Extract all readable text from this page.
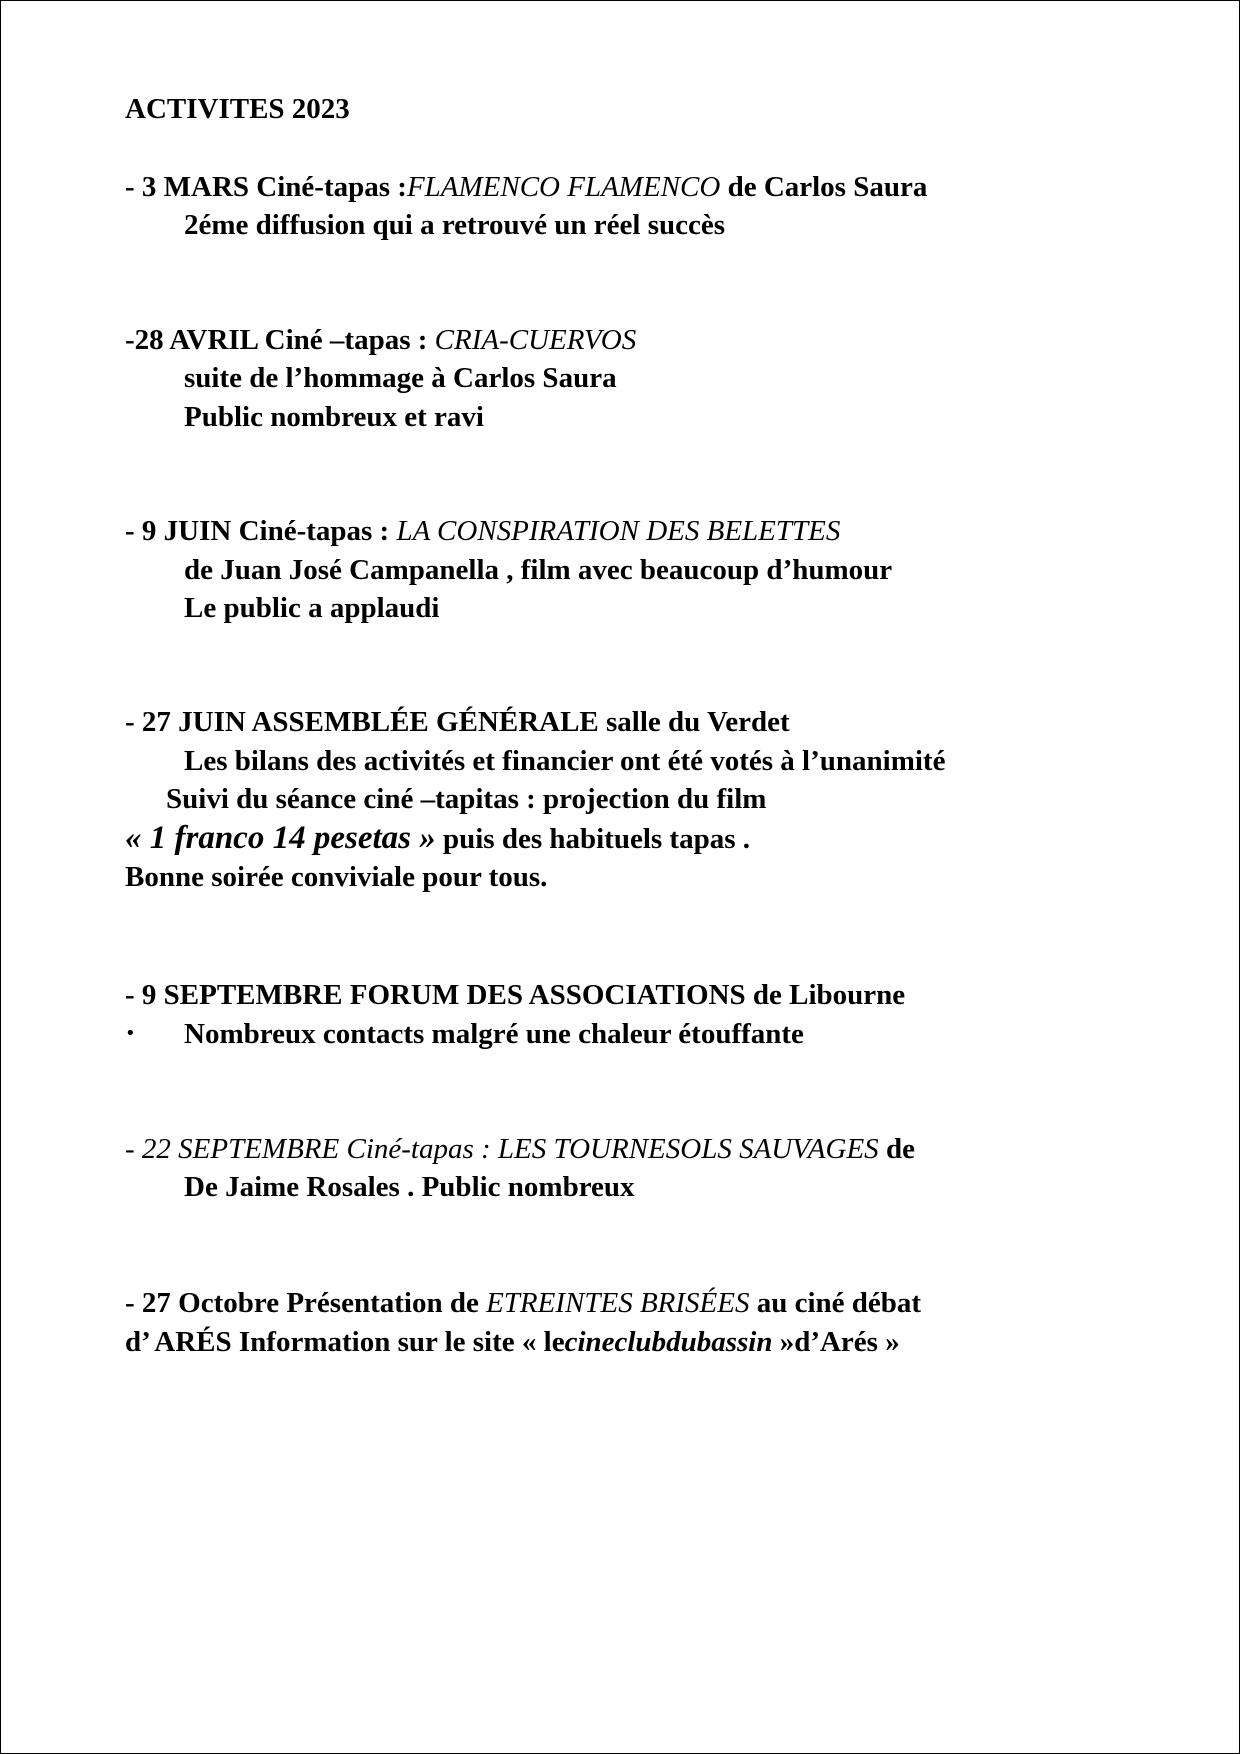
ACTIVITES 2023
- 3 MARS Ciné-tapas :FLAMENCO FLAMENCO de Carlos Saura
2éme diffusion qui a retrouvé un réel succès
-28 AVRIL Ciné –tapas : CRIA-CUERVOS
suite de l’hommage à Carlos Saura
Public nombreux et ravi
- 9 JUIN Ciné-tapas : LA CONSPIRATION DES BELETTES
de Juan José Campanella , film avec beaucoup d’humour
Le public a applaudi
- 27 JUIN ASSEMBLÉE GÉNÉRALE salle du Verdet
Les bilans des activités et financier ont été votés à l’unanimité
Suivi du séance ciné –tapitas : projection du film
« 1 franco 14 pesetas » puis des habituels tapas .
Bonne soirée conviviale pour tous.
- 9 SEPTEMBRE FORUM DES ASSOCIATIONS de Libourne
• Nombreux contacts malgré une chaleur étouffante
- 22 SEPTEMBRE Ciné-tapas : LES TOURNESOLS SAUVAGES de
De Jaime Rosales . Public nombreux
- 27 Octobre Présentation de ETREINTES BRISÉES au ciné débat
d’ ARÉS Information sur le site « lecineclubdubassin »d’Arés »
